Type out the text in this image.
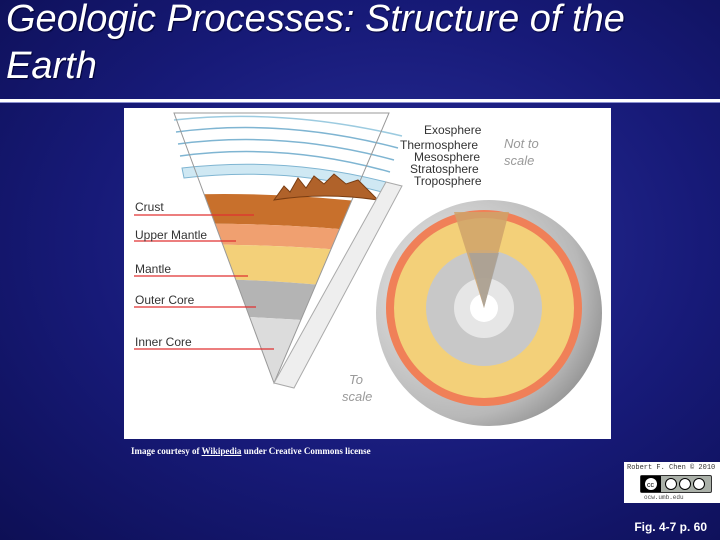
Geologic Processes: Structure of the Earth
Exosphere
Thermosphere
Mesosphere
Stratosphere
Troposphere
Crust
Upper Mantle
Mantle
Outer Core
Inner Core
Not to scale
To scale
Image courtesy of Wikipedia under Creative Commons license
Robert F. Chen © 2010
cc
ocw.umb.edu
Fig. 4-7 p. 60
